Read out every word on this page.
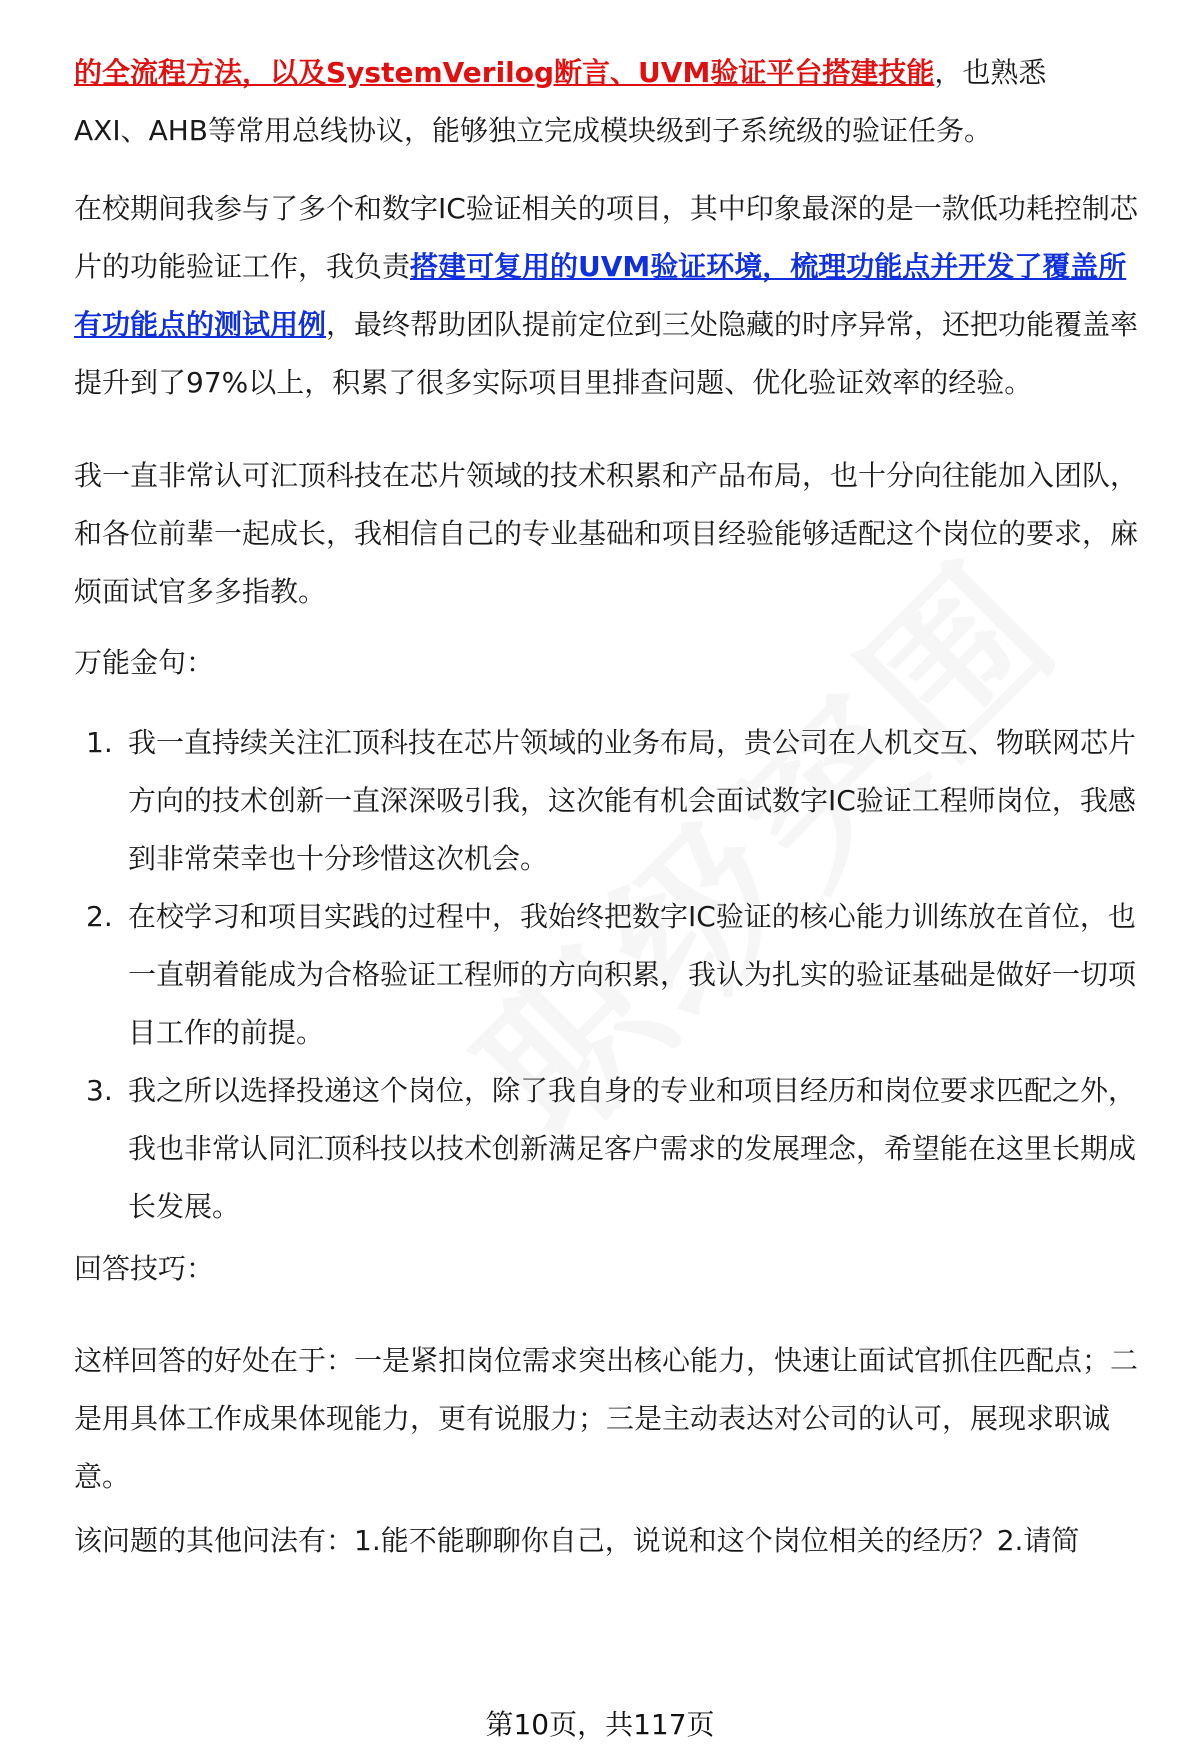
的全流程方法，以及SystemVerilog断言、UVM验证平台搭建技能，也熟悉
AXI、AHB等常用总线协议，能够独立完成模块级到子系统级的验证任务。

在校期间我参与了多个和数字IC验证相关的项目，其中印象最深的是一款低功耗控制芯片的功能验证工作，我负责搭建可复用的UVM验证环境，梳理功能点并开发了覆盖所有功能点的测试用例，最终帮助团队提前定位到三处隐藏的时序异常，还把功能覆盖率提升到了97%以上，积累了很多实际项目里排查问题、优化验证效率的经验。

我一直非常认可汇顶科技在芯片领域的技术积累和产品布局，也十分向往能加入团队，和各位前辈一起成长，我相信自己的专业基础和项目经验能够适配这个岗位的要求，麻烦面试官多多指教。

万能金句：

1. 我一直持续关注汇顶科技在芯片领域的业务布局，贵公司在人机交互、物联网芯片方向的技术创新一直深深吸引我，这次能有机会面试数字IC验证工程师岗位，我感到非常荣幸也十分珍惜这次机会。
2. 在校学习和项目实践的过程中，我始终把数字IC验证的核心能力训练放在首位，也一直朝着能成为合格验证工程师的方向积累，我认为扎实的验证基础是做好一切项目工作的前提。
3. 我之所以选择投递这个岗位，除了我自身的专业和项目经历和岗位要求匹配之外，我也非常认同汇顶科技以技术创新满足客户需求的发展理念，希望能在这里长期成长发展。

回答技巧：

这样回答的好处在于：一是紧扣岗位需求突出核心能力，快速让面试官抓住匹配点；二是用具体工作成果体现能力，更有说服力；三是主动表达对公司的认可，展现求职诚意。

该问题的其他问法有：1.能不能聊聊你自己，说说和这个岗位相关的经历？2.请简

第10页，共117页
